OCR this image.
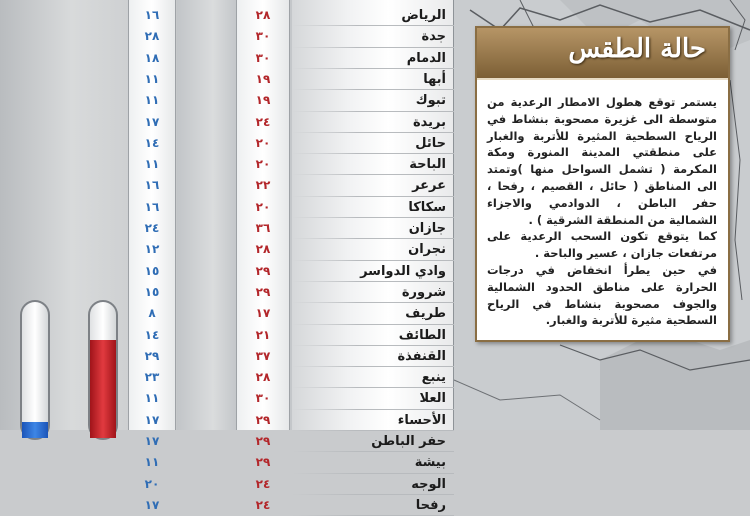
١٦	٢٨	الرياض
٢٨	٣٠	جدة
١٨	٣٠	الدمام
١١	١٩	أبها
١١	١٩	تبوك
١٧	٢٤	بريدة
١٤	٢٠	حائل
١١	٢٠	الباحة
١٦	٢٢	عرعر
١٦	٢٠	سكاكا
٢٤	٣٦	جازان
١٢	٢٨	نجران
١٥	٢٩	وادي الدواسر
١٥	٢٩	شرورة
٨	١٧	طريف
١٤	٢١	الطائف
٢٩	٣٧	القنفذة
٢٣	٢٨	ينبع
١١	٣٠	العلا
١٧	٢٩	الأحساء
١٧	٢٩	حفر الباطن
١١	٢٩	بيشة
٢٠	٢٤	الوجه
١٧	٢٤	رفحا
حالة الطقس

يستمر توقع هطول الامطار الرعدية من متوسطة الى غزيرة مصحوبة بنشاط في الرياح السطحية المثيرة للأتربة والغبار على منطقتي المدينة المنورة ومكة المكرمة ( تشمل السواحل منها )وتمتد الى المناطق ( حائل ، القصيم ، رفحا ، حفر الباطن ، الدوادمي والاجزاء الشمالية من المنطقة الشرقية ) .

كما يتوقع تكون السحب الرعدية على مرتفعات جازان ، عسير والباحة .

في حين يطرأ انخفاض في درجات الحرارة على مناطق الحدود الشمالية والجوف مصحوبة بنشاط في الرياح السطحية مثيرة للأتربة والغبار.
